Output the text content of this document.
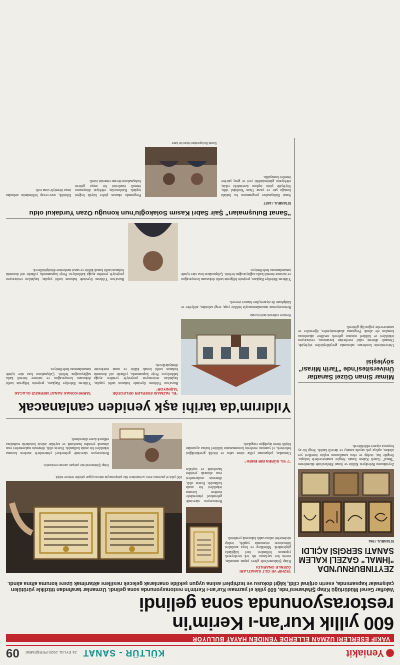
Yeniakit
KÜLTÜR - SANAT
24 EYLÜL 2020 PERŞEMBE
09
VAKIF ESERLERİ UZMAN ELLERDE YENİDEN HAYAT BULUYOR
600 yıllık Kur'an-ı Kerim'in
restorasyonunda sona gelindi
Vakıflar Genel Müdürlüğü Kitap Şifahanesi'nde, 600 yıllık el yazması Kur'an-ı Kerim'in restorasyonunda sona gelindi. Uzmanlar tarafından titizlikle yürütülen çalışmalar kapsamında, eserin orijinal cildi, kâğıt dokusu ve tezhipleri aslına uygun şekilde onarılarak gelecek nesillere aktarılmak üzere koruma altına alındı.
ZEYTINBURNU'NDA "İHMAL" GAZELİ KALEM SANATI SERGİSİ AÇILDI
İSTANBUL / İHA
Zeytinburnu Belediyesi Kültür ve Sanat Merkezi'nde düzenlenen "İhmal" Gazeli Kalem Sanatı Sergisi sanatseverlerle buluştu. Sergide hat, tezhip ve ebru sanatlarının seçkin örnekleri yer alırken, açılışa çok sayıda sanatçı ve davetli katıldı. Sergi bir ay boyunca ziyaret edilebilecek.
Mimar Sinan Güzel Sanatlar Üniversitesi'nde "Tarih Mirası" söyleşisi
Üniversitenin konferans salonunda gerçekleştirilen söyleşide, Osmanlı dönemi vakıf eserlerinin korunması, restorasyon teknikleri ve kültürel mirasın gelecek nesillere aktarılması konuları ele alındı. Programa akademisyenler, öğrenciler ve sanatseverler yoğun ilgi gösterdi.
TEZHİP VE CİLT SANATLARI ÖZENLE ONARILDI
Kitap Şifahanesi'nde görev yapan uzmanlar, eserin her sayfasını tek tek inceleyerek yıpranan bölümleri özel kâğıtlarla güçlendirdi. Mürekkep ve boya analizleri laboratuvar ortamında yapıldı, tezhip süslemeleri aslına sadık kalınarak yenilendi.
"7 YIL SÜREN BİR EMEK"
Restorasyon sürecinde geleneksel yöntemlerle modern koruma teknikleri bir arada kullanıldı. Eserin cildi, dönemin malzemeleri esas alınarak yeniden hazırlandı ve sayfalar
Uzmanlar, çalışmanın yıllar süren sabır ve titizlik gerektirdiğini belirterek, el yazması eserlerin korunmasının kültürel hafıza açısından büyük önem taşıdığını vurguladı.
600 yıllık el yazması eser, uzmanların titiz çalışmasıyla aslına uygun şekilde restore edildi.
Kitap Şifahanesi'nde çalışan uzman restoratör.
Restorasyon sürecinde geleneksel yöntemlerle modern koruma teknikleri bir arada kullanıldı. Eserin cildi, dönemin malzemeleri esas alınarak yeniden hazırlandı ve sayfalar asitsiz kutularda muhafaza edilmek üzere düzenlendi.
Yıldırım'da tarihi aşk yeniden canlanacak
Restore edilecek tarihi konak
"EL YAZMASI ESERLER GELECEĞE TAŞINIYOR"
Bursa'nın Yıldırım ilçesinde bulunan tarihi yapılar, başlatılan restorasyon projesiyle yeniden ayağa kaldırılıyor. Proje kapsamında, yıllardır atıl durumda bulunan tarihi konak kültür ve sanat merkezine dönüştürülecek.
TARİHİ KONAK SANAT MERKEZİ OLACAK
Yıldırım Belediye Başkanı, projenin bölgenin tarihi dokusunu koruyacağını ve turizme önemli katkı sağlayacağını belirtti. Çalışmaların kısa süre içinde tamamlanması hedefleniyor.
Restorasyonun tamamlanmasıyla birlikte yapı; sergi salonları, atölyeler ve kütüphane ile ziyaretçilere hizmet verecek.
Bursa'nın Yıldırım ilçesinde bulunan tarihi yapılar, başlatılan restorasyon projesiyle yeniden ayağa kaldırılıyor. Proje kapsamında, yıllardır atıl durumda bulunan tarihi konak kültür ve sanat merkezine dönüştürülecek.
Yıldırım Belediye Başkanı, projenin bölgenin tarihi dokusunu koruyacağını ve turizme önemli katkı sağlayacağını belirtti. Çalışmaların kısa süre içinde tamamlanması hedefleniyor.
"Sanat Buluşmaları" Şair Sabri Kasım Solakoğlu'nun konuğu Ozan Yurdakul oldu
İSTANBUL / AKİT
Sanat Buluşmaları programının bu haftaki konuğu şair ve yazar Ozan Yurdakul oldu. Söyleşide şiirin toplum üzerindeki etkisi, edebiyatın günümüzdeki yeri ve genç şairlere öneriler konuşuldu.
Sanat Buluşmaları'ndan bir kare
Programda okunan şiirler büyük beğeni topladı. Katılımcılar, edebiyat dünyasının önemli isimlerini bir araya getiren buluşmaların devam etmesini istedi.
Etkinlik, soru-cevap bölümünün ardından imza töreniyle sona erdi.
